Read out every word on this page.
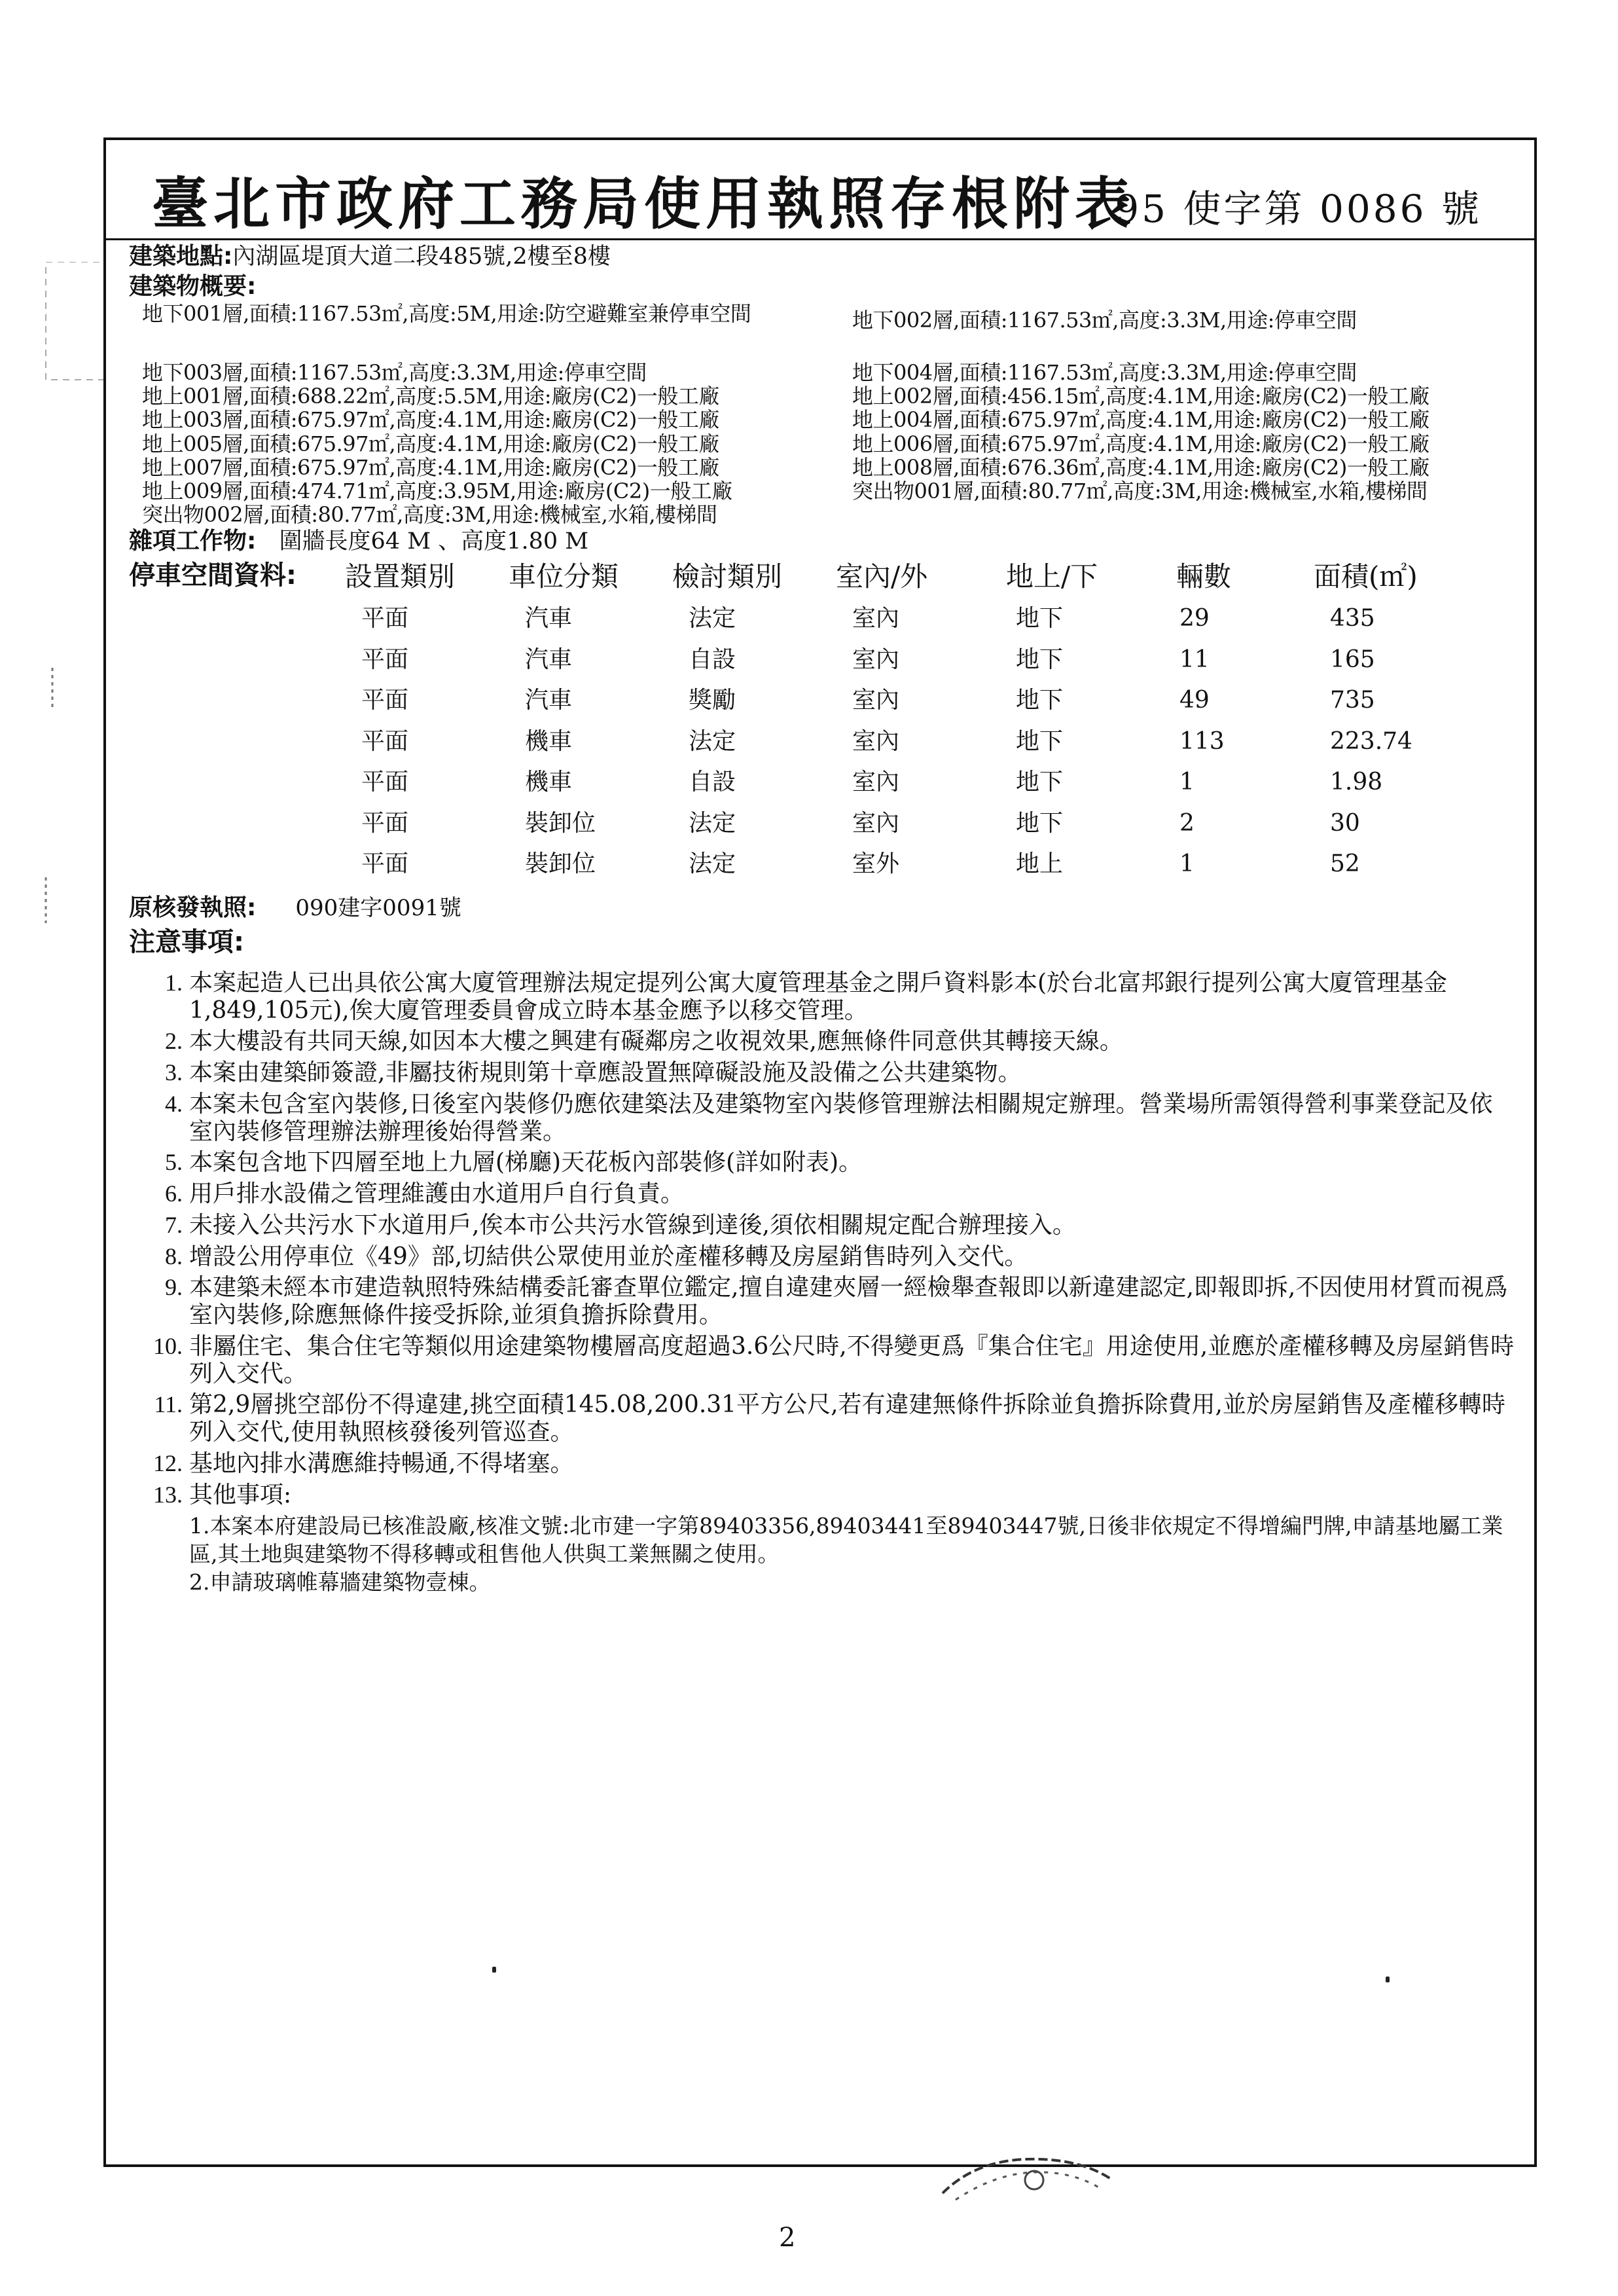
臺北市政府工務局使用執照存根附表
95 使字第 0086 號
建築地點:內湖區堤頂大道二段485號,2樓至8樓
建築物概要:
地下001層,面積:1167.53㎡,高度:5M,用途:防空避難室兼停車空間	地下002層,面積:1167.53㎡,高度:3.3M,用途:停車空間
地下003層,面積:1167.53㎡,高度:3.3M,用途:停車空間	地下004層,面積:1167.53㎡,高度:3.3M,用途:停車空間
地上001層,面積:688.22㎡,高度:5.5M,用途:廠房(C2)一般工廠	地上002層,面積:456.15㎡,高度:4.1M,用途:廠房(C2)一般工廠
地上003層,面積:675.97㎡,高度:4.1M,用途:廠房(C2)一般工廠	地上004層,面積:675.97㎡,高度:4.1M,用途:廠房(C2)一般工廠
地上005層,面積:675.97㎡,高度:4.1M,用途:廠房(C2)一般工廠	地上006層,面積:675.97㎡,高度:4.1M,用途:廠房(C2)一般工廠
地上007層,面積:675.97㎡,高度:4.1M,用途:廠房(C2)一般工廠	地上008層,面積:676.36㎡,高度:4.1M,用途:廠房(C2)一般工廠
地上009層,面積:474.71㎡,高度:3.95M,用途:廠房(C2)一般工廠	突出物001層,面積:80.77㎡,高度:3M,用途:機械室,水箱,樓梯間
突出物002層,面積:80.77㎡,高度:3M,用途:機械室,水箱,樓梯間
雜項工作物: 圍牆長度64 M 、高度1.80 M
停車空間資料:	設置類別	車位分類	檢討類別	室內/外	地上/下	輛數	面積(㎡)
平面	汽車	法定	室內	地下	29	435
平面	汽車	自設	室內	地下	11	165
平面	汽車	獎勵	室內	地下	49	735
平面	機車	法定	室內	地下	113	223.74
平面	機車	自設	室內	地下	1	1.98
平面	裝卸位	法定	室內	地下	2	30
平面	裝卸位	法定	室外	地上	1	52
原核發執照: 090建字0091號
注意事項:
1. 本案起造人已出具依公寓大廈管理辦法規定提列公寓大廈管理基金之開戶資料影本(於台北富邦銀行提列公寓大廈管理基金1,849,105元),俟大廈管理委員會成立時本基金應予以移交管理。
2. 本大樓設有共同天線,如因本大樓之興建有礙鄰房之收視效果,應無條件同意供其轉接天線。
3. 本案由建築師簽證,非屬技術規則第十章應設置無障礙設施及設備之公共建築物。
4. 本案未包含室內裝修,日後室內裝修仍應依建築法及建築物室內裝修管理辦法相關規定辦理。營業場所需領得營利事業登記及依室內裝修管理辦法辦理後始得營業。
5. 本案包含地下四層至地上九層(梯廳)天花板內部裝修(詳如附表)。
6. 用戶排水設備之管理維護由水道用戶自行負責。
7. 未接入公共污水下水道用戶,俟本市公共污水管線到達後,須依相關規定配合辦理接入。
8. 增設公用停車位《49》部,切結供公眾使用並於產權移轉及房屋銷售時列入交代。
9. 本建築未經本市建造執照特殊結構委託審查單位鑑定,擅自違建夾層一經檢舉查報即以新違建認定,即報即拆,不因使用材質而視爲室內裝修,除應無條件接受拆除,並須負擔拆除費用。
10. 非屬住宅、集合住宅等類似用途建築物樓層高度超過3.6公尺時,不得變更爲『集合住宅』用途使用,並應於產權移轉及房屋銷售時列入交代。
11. 第2,9層挑空部份不得違建,挑空面積145.08,200.31平方公尺,若有違建無條件拆除並負擔拆除費用,並於房屋銷售及產權移轉時列入交代,使用執照核發後列管巡查。
12. 基地內排水溝應維持暢通,不得堵塞。
13. 其他事項:
1.本案本府建設局已核准設廠,核准文號:北市建一字第89403356,89403441至89403447號,日後非依規定不得增編門牌,申請基地屬工業區,其土地與建築物不得移轉或租售他人供與工業無關之使用。
2.申請玻璃帷幕牆建築物壹棟。
2
